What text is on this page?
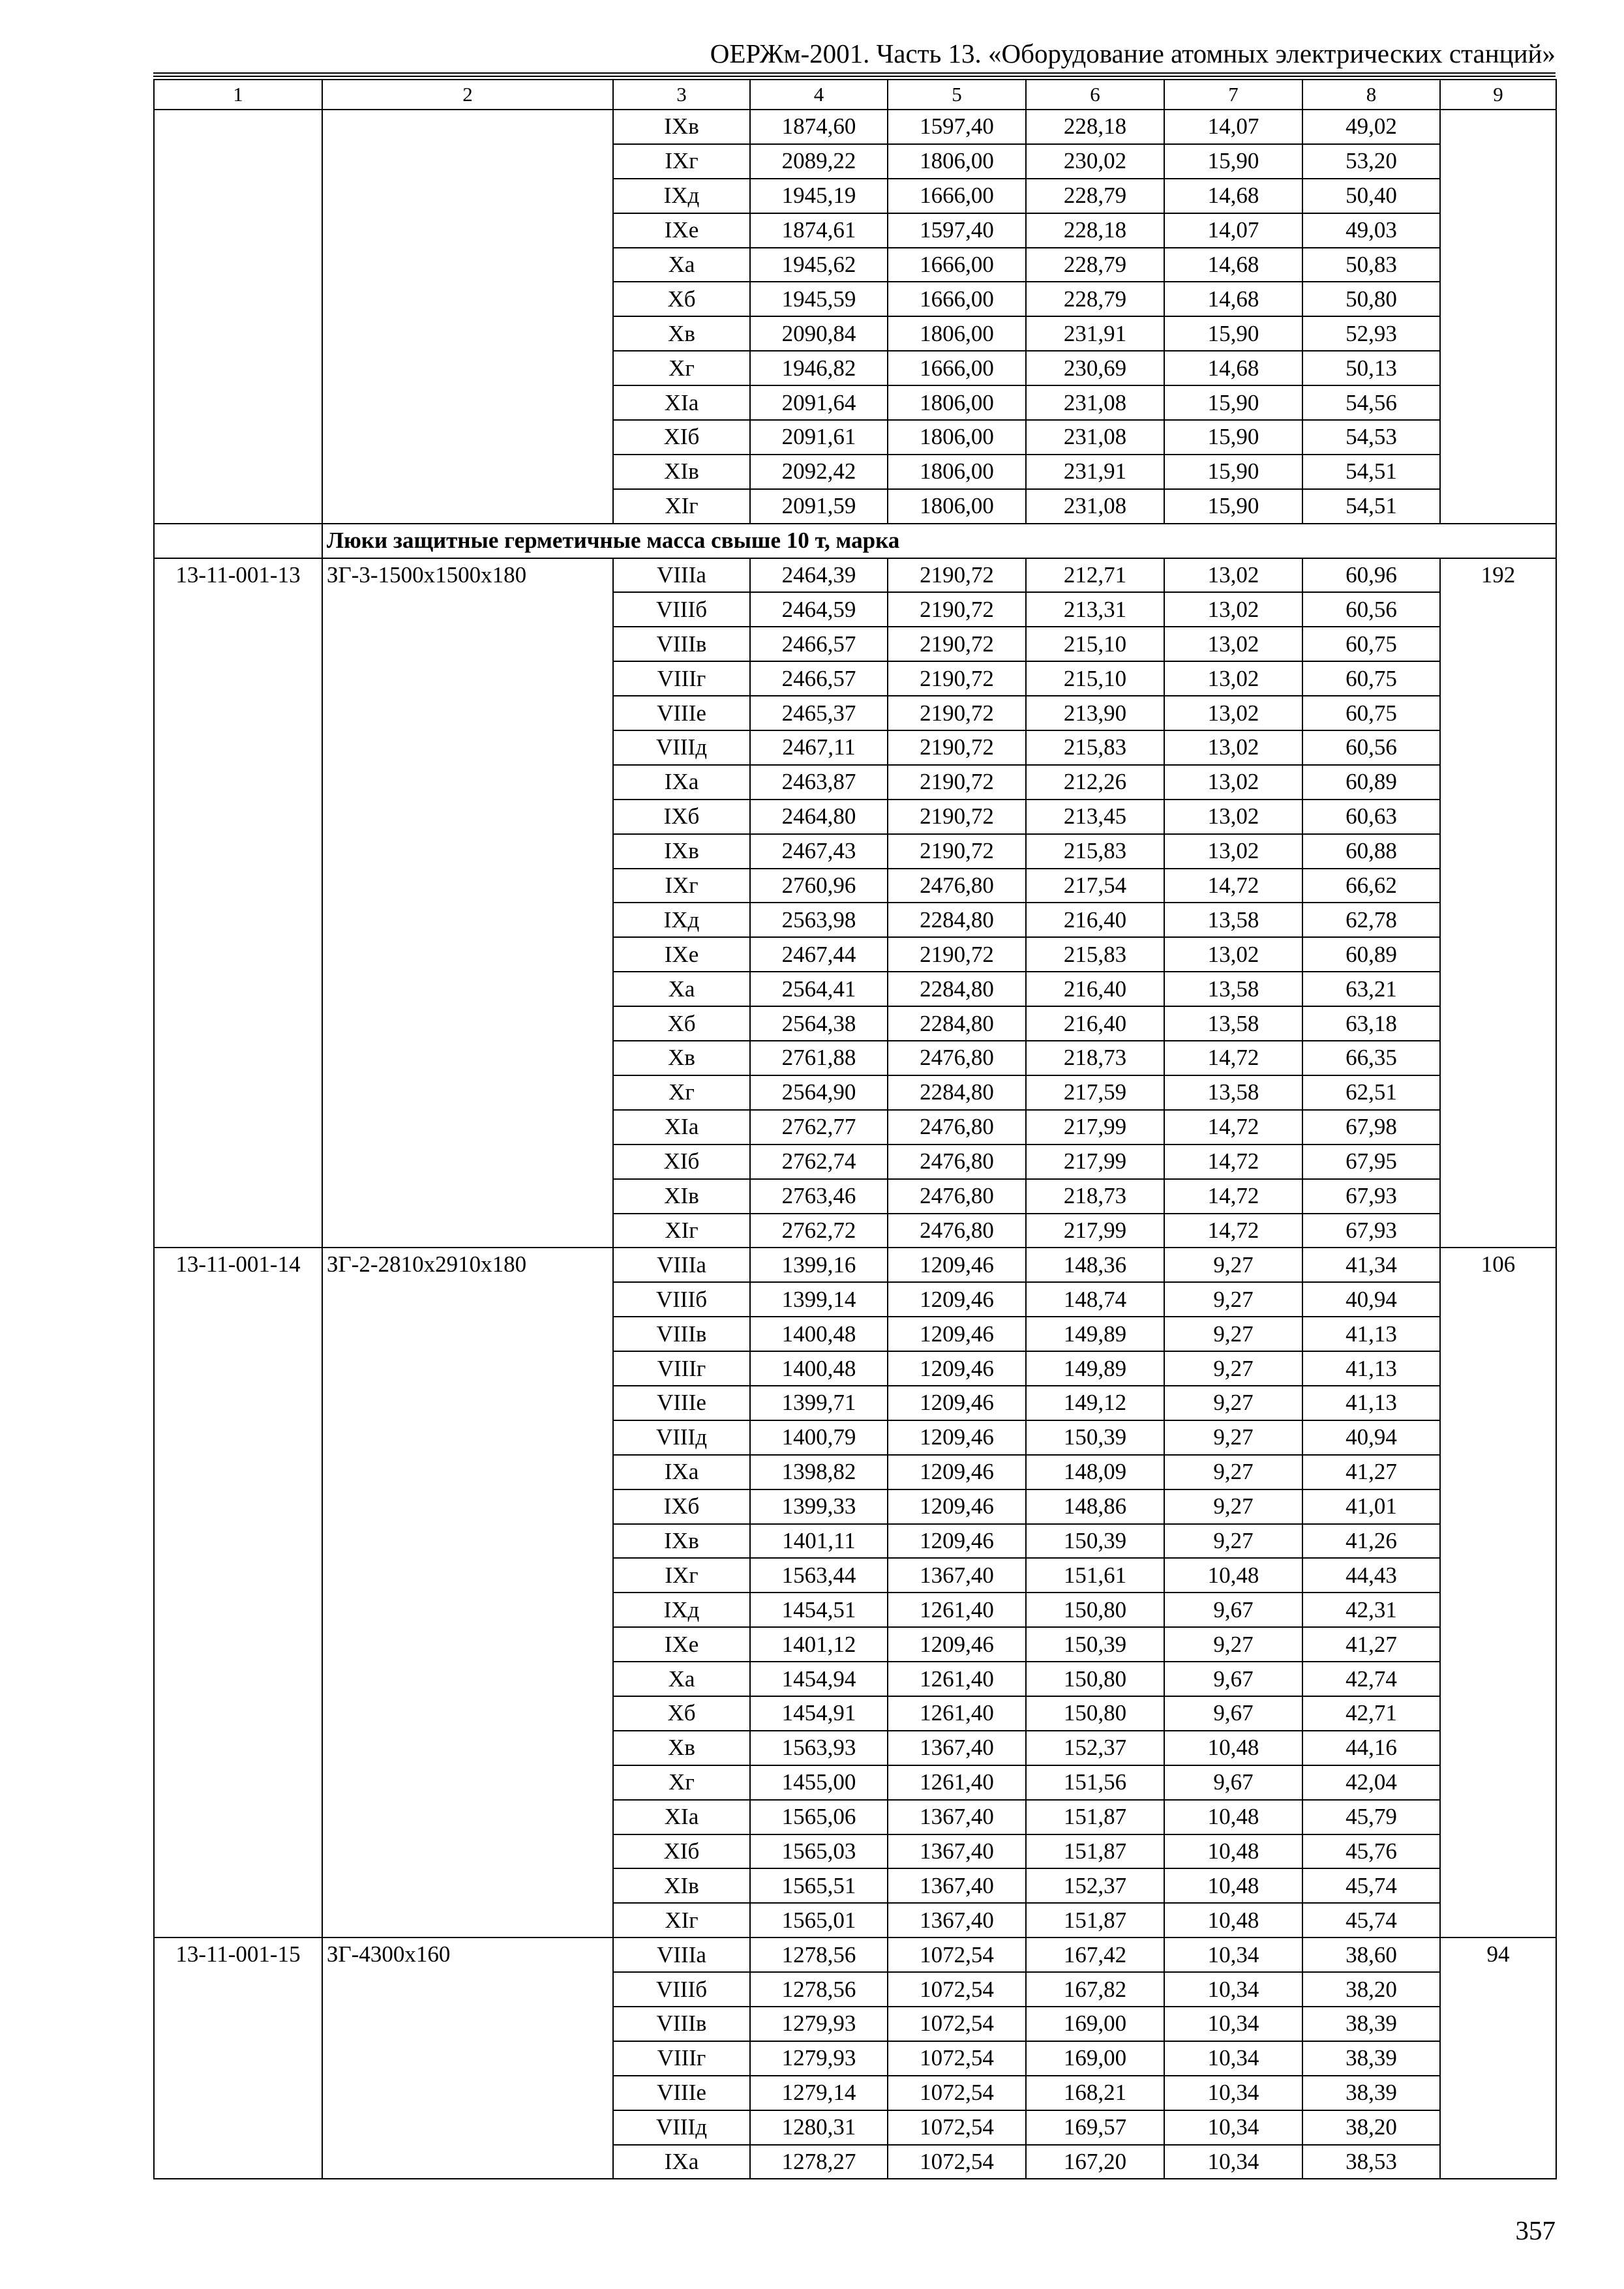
ОЕРЖм-2001. Часть 13. «Оборудование атомных электрических станций»
1	2	3	4	5	6	7	8	9
		IXв	1874,60	1597,40	228,18	14,07	49,02	
		IXг	2089,22	1806,00	230,02	15,90	53,20	
		IXд	1945,19	1666,00	228,79	14,68	50,40	
		IXе	1874,61	1597,40	228,18	14,07	49,03	
		Xа	1945,62	1666,00	228,79	14,68	50,83	
		Xб	1945,59	1666,00	228,79	14,68	50,80	
		Xв	2090,84	1806,00	231,91	15,90	52,93	
		Xг	1946,82	1666,00	230,69	14,68	50,13	
		XIа	2091,64	1806,00	231,08	15,90	54,56	
		XIб	2091,61	1806,00	231,08	15,90	54,53	
		XIв	2092,42	1806,00	231,91	15,90	54,51	
		XIг	2091,59	1806,00	231,08	15,90	54,51	
	Люки защитные герметичные масса свыше 10 т, марка							
13-11-001-13	ЗГ-3-1500х1500х180	VIIIа	2464,39	2190,72	212,71	13,02	60,96	192
		VIIIб	2464,59	2190,72	213,31	13,02	60,56	
		VIIIв	2466,57	2190,72	215,10	13,02	60,75	
		VIIIг	2466,57	2190,72	215,10	13,02	60,75	
		VIIIе	2465,37	2190,72	213,90	13,02	60,75	
		VIIIд	2467,11	2190,72	215,83	13,02	60,56	
		IXа	2463,87	2190,72	212,26	13,02	60,89	
		IXб	2464,80	2190,72	213,45	13,02	60,63	
		IXв	2467,43	2190,72	215,83	13,02	60,88	
		IXг	2760,96	2476,80	217,54	14,72	66,62	
		IXд	2563,98	2284,80	216,40	13,58	62,78	
		IXе	2467,44	2190,72	215,83	13,02	60,89	
		Xа	2564,41	2284,80	216,40	13,58	63,21	
		Xб	2564,38	2284,80	216,40	13,58	63,18	
		Xв	2761,88	2476,80	218,73	14,72	66,35	
		Xг	2564,90	2284,80	217,59	13,58	62,51	
		XIа	2762,77	2476,80	217,99	14,72	67,98	
		XIб	2762,74	2476,80	217,99	14,72	67,95	
		XIв	2763,46	2476,80	218,73	14,72	67,93	
		XIг	2762,72	2476,80	217,99	14,72	67,93	
13-11-001-14	ЗГ-2-2810х2910х180	VIIIа	1399,16	1209,46	148,36	9,27	41,34	106
		VIIIб	1399,14	1209,46	148,74	9,27	40,94	
		VIIIв	1400,48	1209,46	149,89	9,27	41,13	
		VIIIг	1400,48	1209,46	149,89	9,27	41,13	
		VIIIе	1399,71	1209,46	149,12	9,27	41,13	
		VIIIд	1400,79	1209,46	150,39	9,27	40,94	
		IXа	1398,82	1209,46	148,09	9,27	41,27	
		IXб	1399,33	1209,46	148,86	9,27	41,01	
		IXв	1401,11	1209,46	150,39	9,27	41,26	
		IXг	1563,44	1367,40	151,61	10,48	44,43	
		IXд	1454,51	1261,40	150,80	9,67	42,31	
		IXе	1401,12	1209,46	150,39	9,27	41,27	
		Xа	1454,94	1261,40	150,80	9,67	42,74	
		Xб	1454,91	1261,40	150,80	9,67	42,71	
		Xв	1563,93	1367,40	152,37	10,48	44,16	
		Xг	1455,00	1261,40	151,56	9,67	42,04	
		XIа	1565,06	1367,40	151,87	10,48	45,79	
		XIб	1565,03	1367,40	151,87	10,48	45,76	
		XIв	1565,51	1367,40	152,37	10,48	45,74	
		XIг	1565,01	1367,40	151,87	10,48	45,74	
13-11-001-15	ЗГ-4300х160	VIIIа	1278,56	1072,54	167,42	10,34	38,60	94
		VIIIб	1278,56	1072,54	167,82	10,34	38,20	
		VIIIв	1279,93	1072,54	169,00	10,34	38,39	
		VIIIг	1279,93	1072,54	169,00	10,34	38,39	
		VIIIе	1279,14	1072,54	168,21	10,34	38,39	
		VIIIд	1280,31	1072,54	169,57	10,34	38,20	
		IXа	1278,27	1072,54	167,20	10,34	38,53	
357
